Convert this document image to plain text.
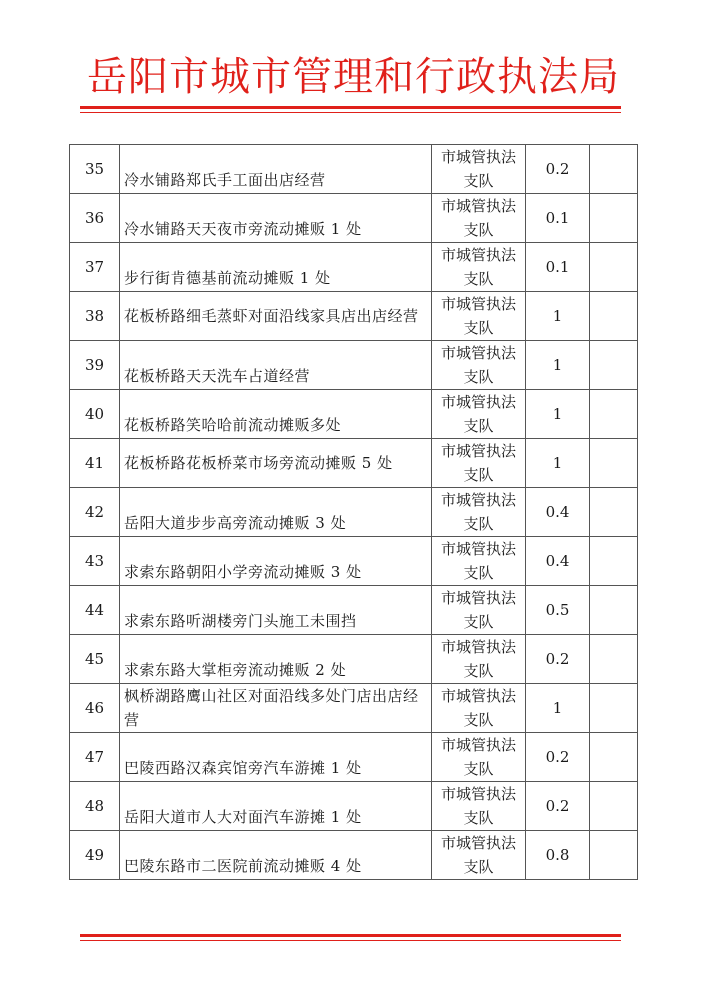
岳阳市城市管理和行政执法局
35	冷水铺路郑氏手工面出店经营	市城管执法支队	0.2	
36	冷水铺路天天夜市旁流动摊贩 1 处	市城管执法支队	0.1	
37	步行街肯德基前流动摊贩 1 处	市城管执法支队	0.1	
38	花板桥路细毛蒸虾对面沿线家具店出店经营	市城管执法支队	1	
39	花板桥路天天洗车占道经营	市城管执法支队	1	
40	花板桥路笑哈哈前流动摊贩多处	市城管执法支队	1	
41	花板桥路花板桥菜市场旁流动摊贩 5 处	市城管执法支队	1	
42	岳阳大道步步高旁流动摊贩 3 处	市城管执法支队	0.4	
43	求索东路朝阳小学旁流动摊贩 3 处	市城管执法支队	0.4	
44	求索东路听湖楼旁门头施工未围挡	市城管执法支队	0.5	
45	求索东路大掌柜旁流动摊贩 2 处	市城管执法支队	0.2	
46	枫桥湖路鹰山社区对面沿线多处门店出店经营	市城管执法支队	1	
47	巴陵西路汉森宾馆旁汽车游摊 1 处	市城管执法支队	0.2	
48	岳阳大道市人大对面汽车游摊 1 处	市城管执法支队	0.2	
49	巴陵东路市二医院前流动摊贩 4 处	市城管执法支队	0.8	
